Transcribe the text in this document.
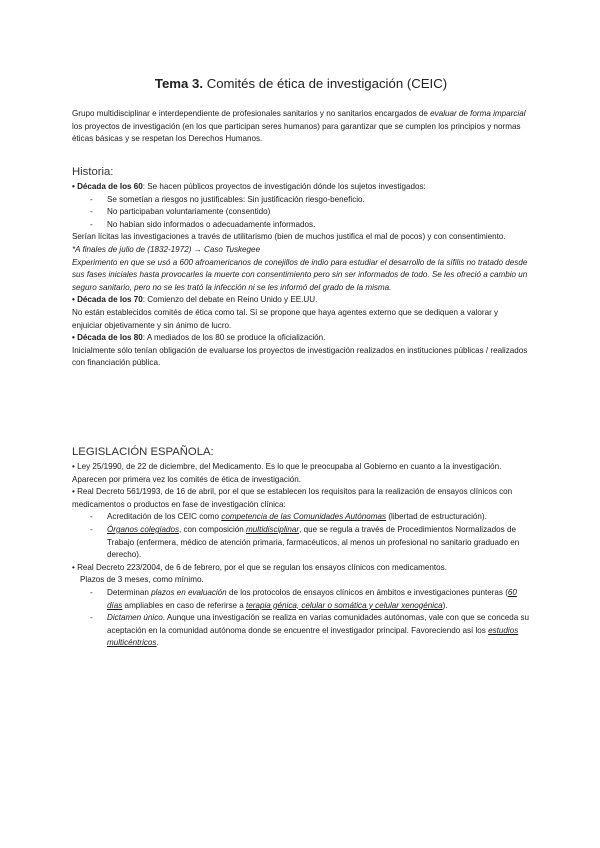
Tema 3. Comités de ética de investigación (CEIC)

Grupo multidisciplinar e interdependiente de profesionales sanitarios y no sanitarios encargados de evaluar de forma imparcial los proyectos de investigación (en los que participan seres humanos) para garantizar que se cumplen los principios y normas éticas básicas y se respetan los Derechos Humanos.

Historia:

• Década de los 60: Se hacen públicos proyectos de investigación dónde los sujetos investigados:
- Se sometían a riesgos no justificables: Sin justificación riesgo-beneficio.
- No participaban voluntariamente (consentido)
- No habían sido informados o adecuadamente informados.

Serían lícitas las investigaciones a través de utilitarismo (bien de muchos justifica el mal de pocos) y con consentimiento.

*A finales de julio de (1832-1972) → Caso Tuskegee

Experimento en que se usó a 600 afroamericanos de conejillos de indio para estudiar el desarrollo de la sífilis no tratado desde sus fases iniciales hasta provocarles la muerte con consentimiento pero sin ser informados de todo. Se les ofreció a cambio un seguro sanitario, pero no se les trató la infección ni se les informó del grado de la misma.

• Década de los 70: Comienzo del debate en Reino Unido y EE.UU.

No están establecidos comités de ética como tal. Sí se propone que haya agentes externo que se dediquen a valorar y enjuiciar objetivamente y sin ánimo de lucro.

• Década de los 80: A mediados de los 80 se produce la oficialización.

Inicialmente sólo tenían obligación de evaluarse los proyectos de investigación realizados en instituciones públicas / realizados con financiación pública.

LEGISLACIÓN ESPAÑOLA:

• Ley 25/1990, de 22 de diciembre, del Medicamento. Es lo que le preocupaba al Gobierno en cuanto a la investigación. Aparecen por primera vez los comités de ética de investigación.

• Real Decreto 561/1993, de 16 de abril, por el que se establecen los requisitos para la realización de ensayos clínicos con medicamentos o productos en fase de investigación clínica:

- Acreditación de los CEIC como competencia de las Comunidades Autónomas (libertad de estructuración).
- Órganos colegiados, con composición multidisciplinar, que se regula a través de Procedimientos Normalizados de Trabajo (enfermera, médico de atención primaria, farmacéuticos, al menos un profesional no sanitario graduado en derecho).

• Real Decreto 223/2004, de 6 de febrero, por el que se regulan los ensayos clínicos con medicamentos.

Plazos de 3 meses, como mínimo.

- Determinan plazos en evaluación de los protocolos de ensayos clínicos en ámbitos e investigaciones punteras (60 días ampliables en caso de referirse a terapia génica, celular o somática y celular xenogénica).
- Dictamen único. Aunque una investigación se realiza en varias comunidades autónomas, vale con que se conceda su aceptación en la comunidad autónoma donde se encuentre el investigador principal. Favoreciendo así los estudios multicéntricos.
